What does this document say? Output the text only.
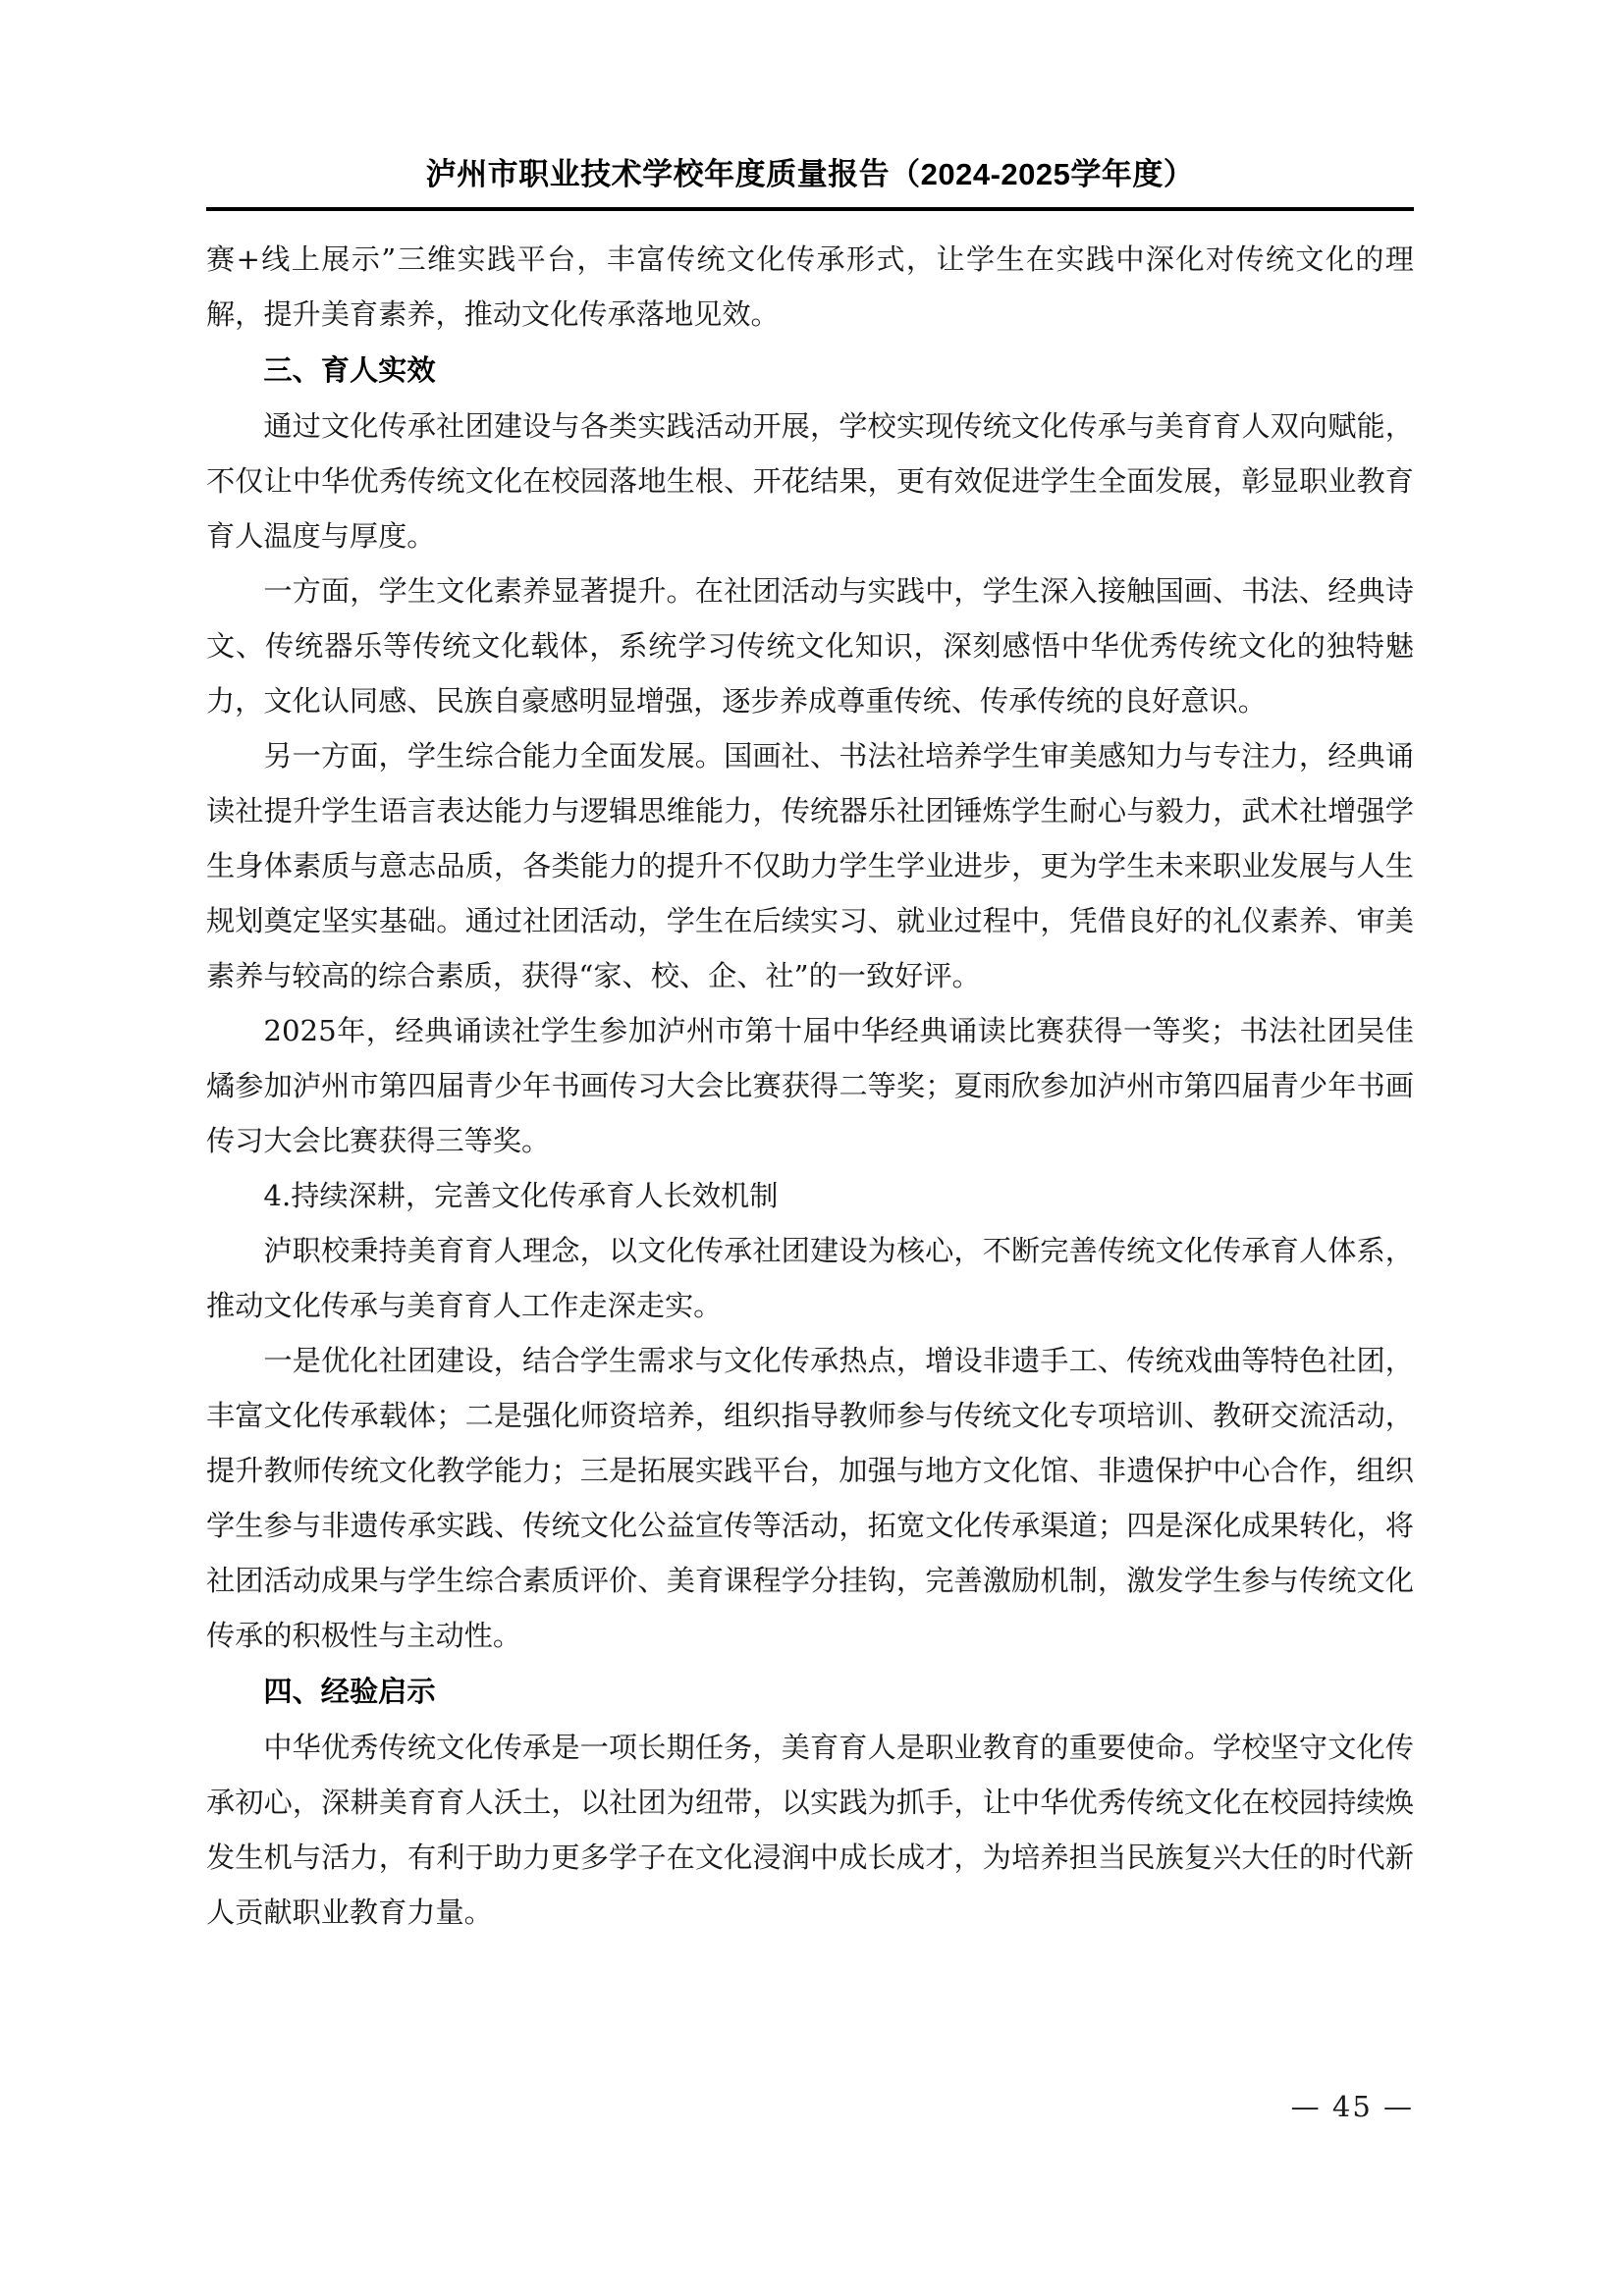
泸州市职业技术学校年度质量报告（2024-2025学年度）

赛+线上展示”三维实践平台，丰富传统文化传承形式，让学生在实践中深化对传统文化的理解，提升美育素养，推动文化传承落地见效。

三、育人实效

通过文化传承社团建设与各类实践活动开展，学校实现传统文化传承与美育育人双向赋能，不仅让中华优秀传统文化在校园落地生根、开花结果，更有效促进学生全面发展，彰显职业教育育人温度与厚度。

一方面，学生文化素养显著提升。在社团活动与实践中，学生深入接触国画、书法、经典诗文、传统器乐等传统文化载体，系统学习传统文化知识，深刻感悟中华优秀传统文化的独特魅力，文化认同感、民族自豪感明显增强，逐步养成尊重传统、传承传统的良好意识。

另一方面，学生综合能力全面发展。国画社、书法社培养学生审美感知力与专注力，经典诵读社提升学生语言表达能力与逻辑思维能力，传统器乐社团锤炼学生耐心与毅力，武术社增强学生身体素质与意志品质，各类能力的提升不仅助力学生学业进步，更为学生未来职业发展与人生规划奠定坚实基础。通过社团活动，学生在后续实习、就业过程中，凭借良好的礼仪素养、审美素养与较高的综合素质，获得“家、校、企、社”的一致好评。

2025年，经典诵读社学生参加泸州市第十届中华经典诵读比赛获得一等奖；书法社团吴佳燏参加泸州市第四届青少年书画传习大会比赛获得二等奖；夏雨欣参加泸州市第四届青少年书画传习大会比赛获得三等奖。

4.持续深耕，完善文化传承育人长效机制

泸职校秉持美育育人理念，以文化传承社团建设为核心，不断完善传统文化传承育人体系，推动文化传承与美育育人工作走深走实。

一是优化社团建设，结合学生需求与文化传承热点，增设非遗手工、传统戏曲等特色社团，丰富文化传承载体；二是强化师资培养，组织指导教师参与传统文化专项培训、教研交流活动，提升教师传统文化教学能力；三是拓展实践平台，加强与地方文化馆、非遗保护中心合作，组织学生参与非遗传承实践、传统文化公益宣传等活动，拓宽文化传承渠道；四是深化成果转化，将社团活动成果与学生综合素质评价、美育课程学分挂钩，完善激励机制，激发学生参与传统文化传承的积极性与主动性。

四、经验启示

中华优秀传统文化传承是一项长期任务，美育育人是职业教育的重要使命。学校坚守文化传承初心，深耕美育育人沃土，以社团为纽带，以实践为抓手，让中华优秀传统文化在校园持续焕发生机与活力，有利于助力更多学子在文化浸润中成长成才，为培养担当民族复兴大任的时代新人贡献职业教育力量。

— 45 —
